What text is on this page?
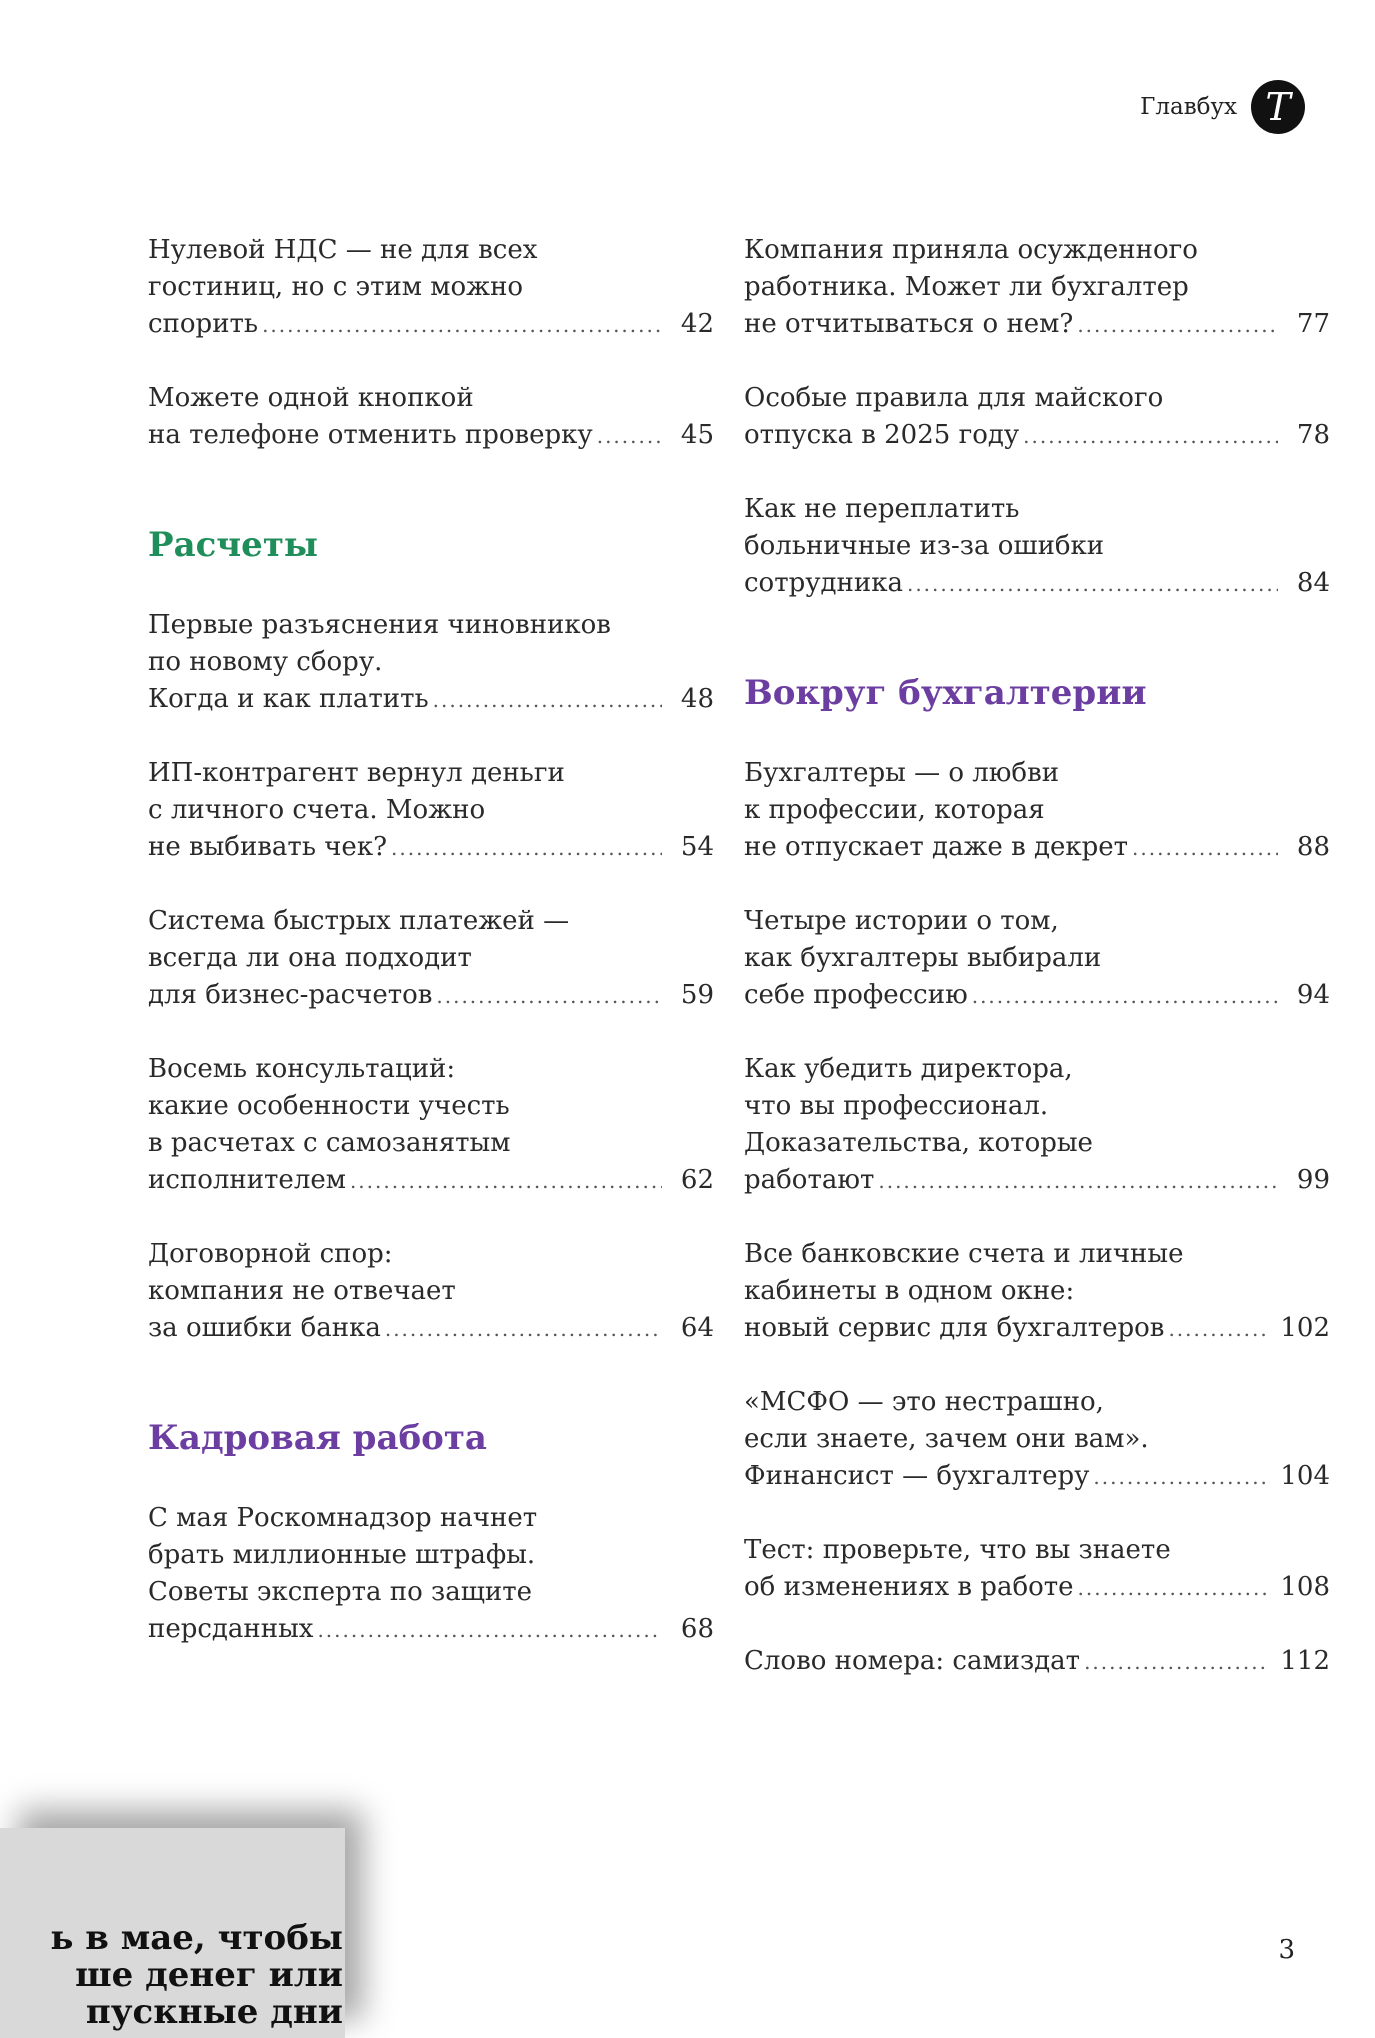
Главбух Т
Нулевой НДС — не для всех
гостиниц, но с этим можно
спорить .....	42
Можете одной кнопкой
на телефоне отменить проверку .....	45
Расчеты
Первые разъяснения чиновников
по новому сбору.
Когда и как платить .....	48
ИП-контрагент вернул деньги
с личного счета. Можно
не выбивать чек? .....	54
Система быстрых платежей —
всегда ли она подходит
для бизнес-расчетов .....	59
Восемь консультаций:
какие особенности учесть
в расчетах с самозанятым
исполнителем .....	62
Договорной спор:
компания не отвечает
за ошибки банка .....	64
Кадровая работа
С мая Роскомнадзор начнет
брать миллионные штрафы.
Советы эксперта по защите
персданных .....	68
Компания приняла осужденного
работника. Может ли бухгалтер
не отчитываться о нем? .....	77
Особые правила для майского
отпуска в 2025 году .....	78
Как не переплатить
больничные из-за ошибки
сотрудника .....	84
Вокруг бухгалтерии
Бухгалтеры — о любви
к профессии, которая
не отпускает даже в декрет .....	88
Четыре истории о том,
как бухгалтеры выбирали
себе профессию .....	94
Как убедить директора,
что вы профессионал.
Доказательства, которые
работают .....	99
Все банковские счета и личные
кабинеты в одном окне:
новый сервис для бухгалтеров .....	102
«МСФО — это нестрашно,
если знаете, зачем они вам».
Финансист — бухгалтеру .....	104
Тест: проверьте, что вы знаете
об изменениях в работе .....	108
Слово номера: самиздат .....	112
ь в мае, чтобы
ше денег или
пускные дни
3
